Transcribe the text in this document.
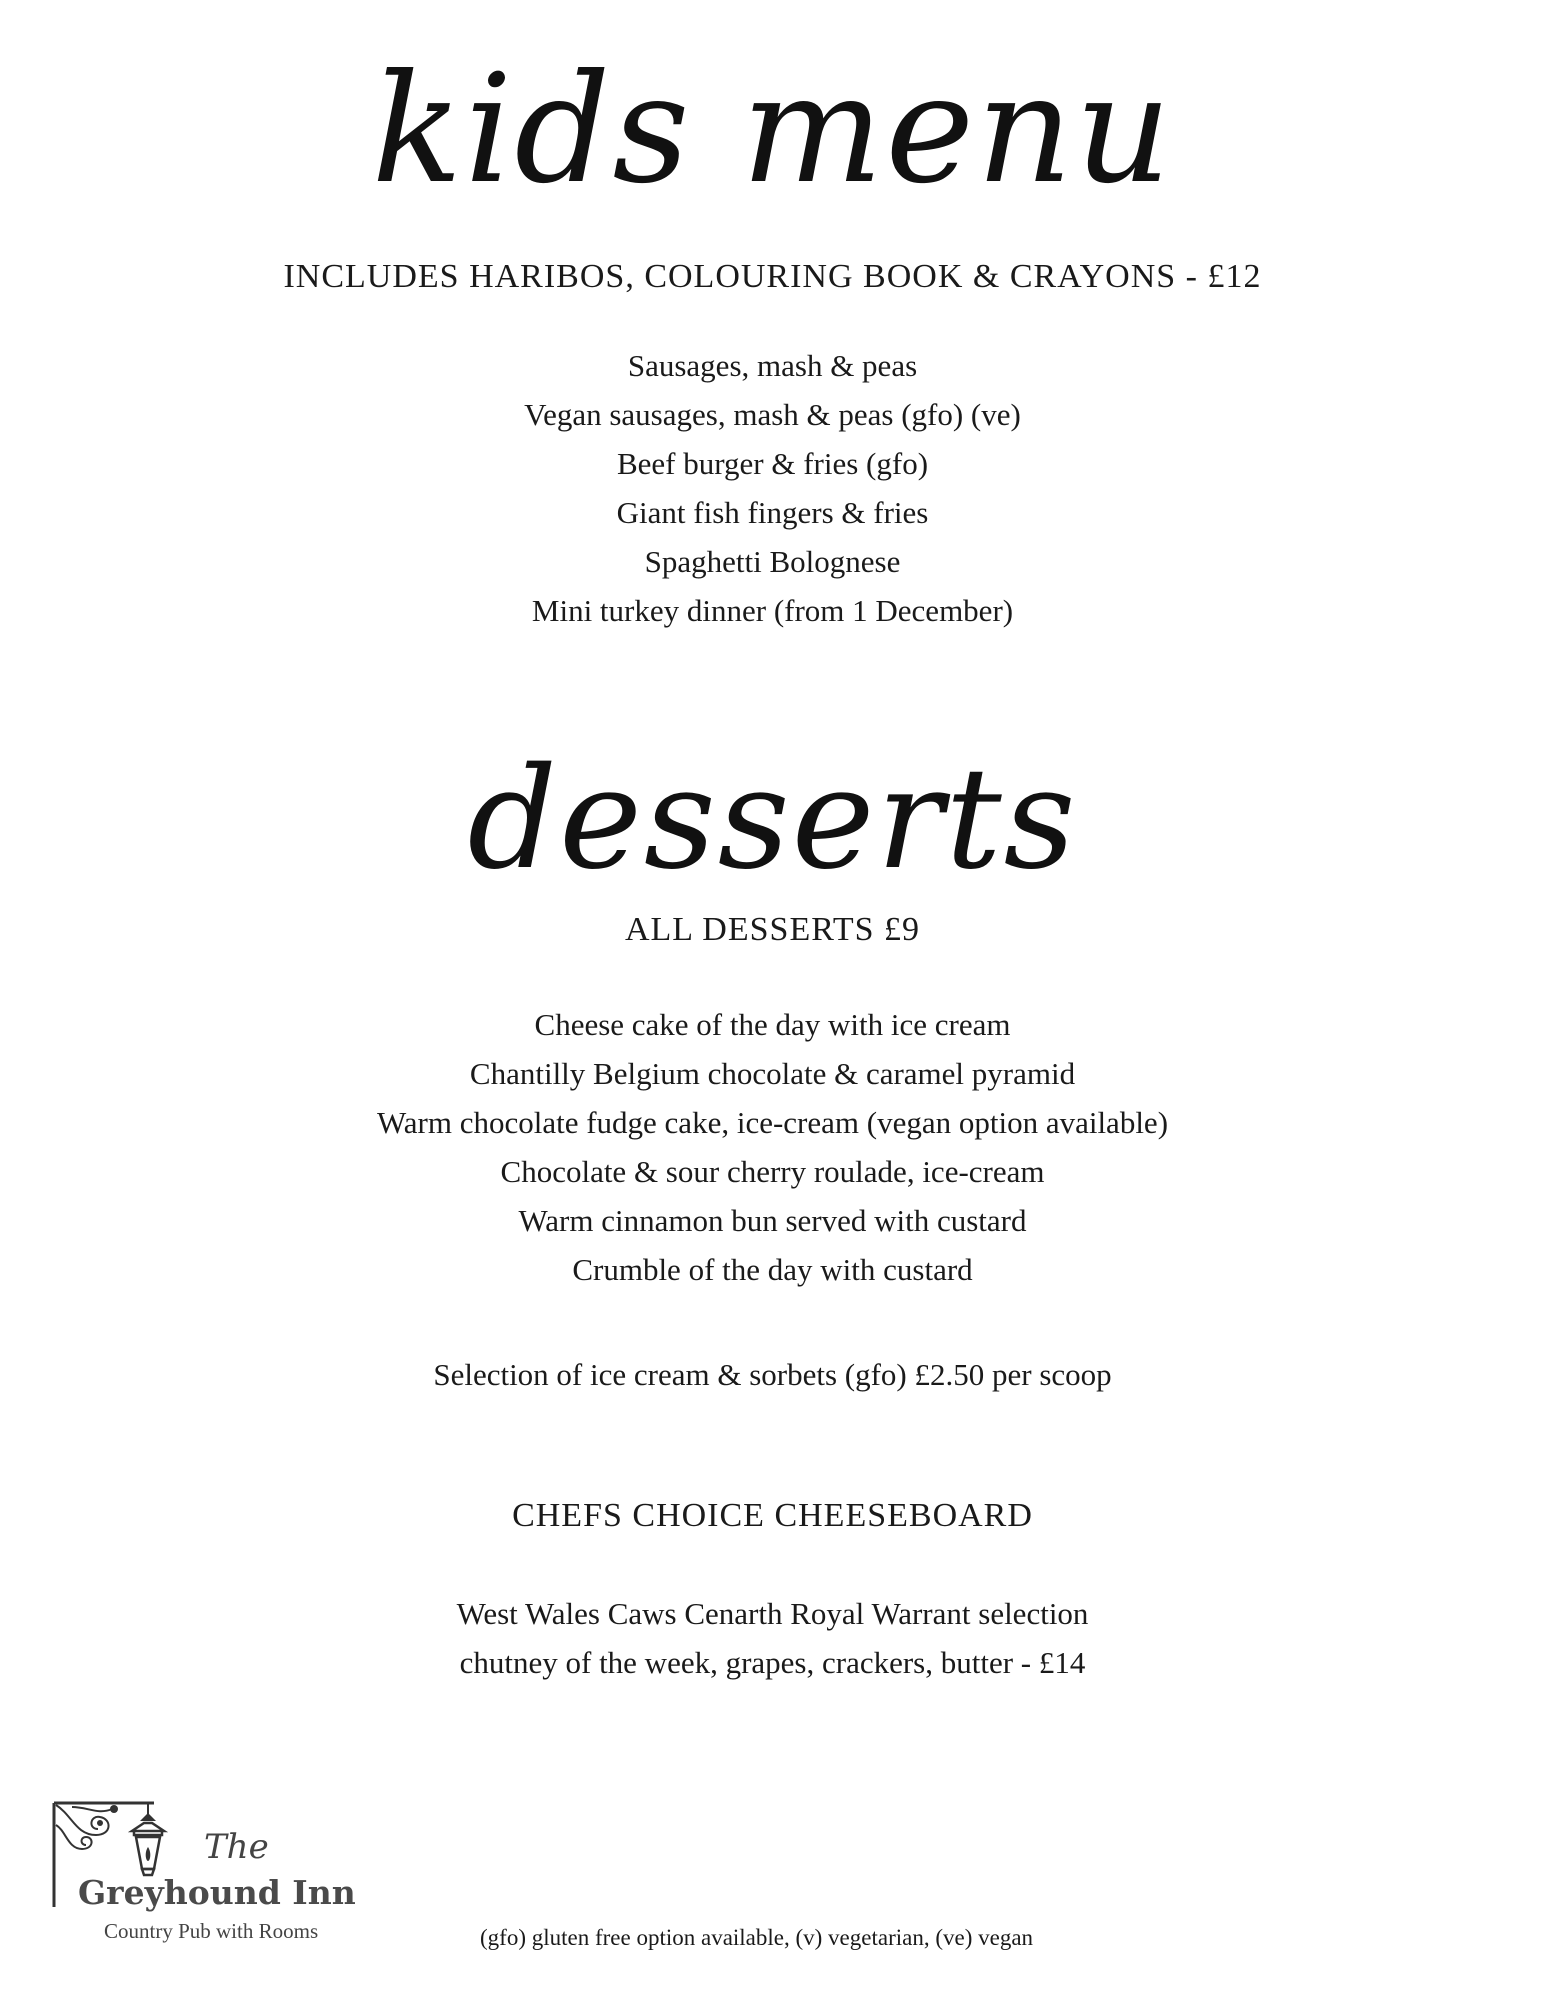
kids menu
INCLUDES HARIBOS, COLOURING BOOK & CRAYONS - £12
Sausages, mash & peas
Vegan sausages, mash & peas (gfo) (ve)
Beef burger & fries (gfo)
Giant fish fingers & fries
Spaghetti Bolognese
Mini turkey dinner (from 1 December)
desserts
ALL DESSERTS £9
Cheese cake of the day with ice cream
Chantilly Belgium chocolate & caramel pyramid
Warm chocolate fudge cake, ice-cream (vegan option available)
Chocolate & sour cherry roulade, ice-cream
Warm cinnamon bun served with custard
Crumble of the day with custard
Selection of ice cream & sorbets (gfo) £2.50 per scoop
CHEFS CHOICE CHEESEBOARD
West Wales Caws Cenarth Royal Warrant selection
chutney of the week, grapes, crackers, butter - £14
The
Greyhound Inn
Country Pub with Rooms	(gfo) gluten free option available, (v) vegetarian, (ve) vegan
